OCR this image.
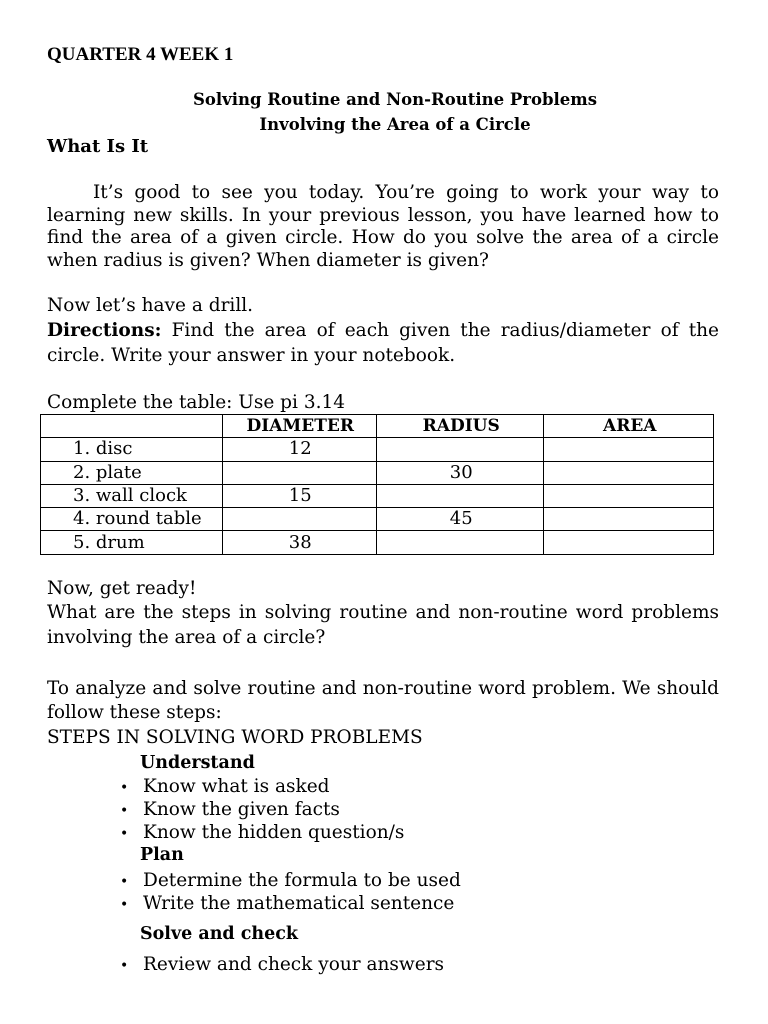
QUARTER 4 WEEK 1

Solving Routine and Non-Routine Problems

Involving the Area of a Circle

What Is It

It’s good to see you today. You’re going to work your way to learning new skills. In your previous lesson, you have learned how to find the area of a given circle. How do you solve the area of a circle when radius is given? When diameter is given?

Now let’s have a drill.

Directions: Find the area of each given the radius/diameter of the circle. Write your answer in your notebook.

Complete the table: Use pi 3.14

	DIAMETER	RADIUS	AREA
1. disc	12		
2. plate		30	
3. wall clock	15		
4. round table		45	
5. drum	38		

Now, get ready!

What are the steps in solving routine and non-routine word problems involving the area of a circle?

To analyze and solve routine and non-routine word problem. We should follow these steps:

STEPS IN SOLVING WORD PROBLEMS

Understand

• Know what is asked

• Know the given facts

• Know the hidden question/s

Plan

• Determine the formula to be used

• Write the mathematical sentence

Solve and check

• Review and check your answers
